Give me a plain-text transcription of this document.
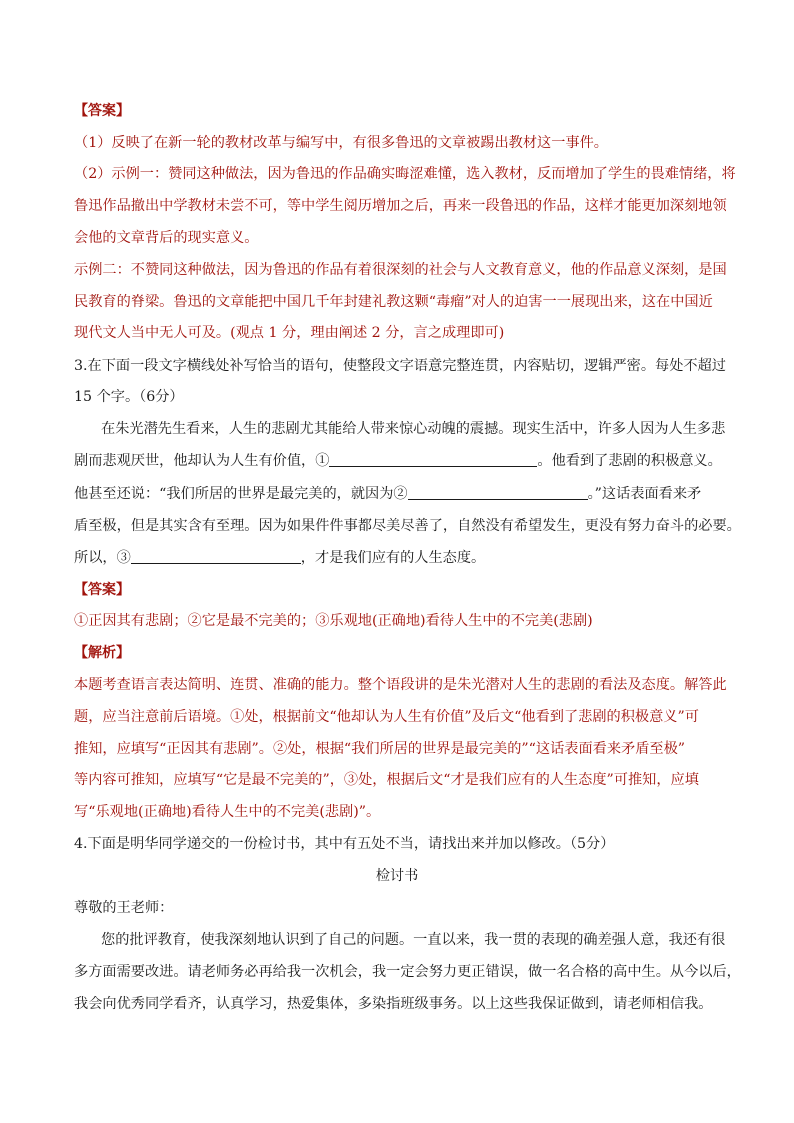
【答案】
（1）反映了在新一轮的教材改革与编写中，有很多鲁迅的文章被踢出教材这一事件。
（2）示例一：赞同这种做法，因为鲁迅的作品确实晦涩难懂，选入教材，反而增加了学生的畏难情绪，将
鲁迅作品撤出中学教材未尝不可，等中学生阅历增加之后，再来一段鲁迅的作品，这样才能更加深刻地领
会他的文章背后的现实意义。
示例二：不赞同这种做法，因为鲁迅的作品有着很深刻的社会与人文教育意义，他的作品意义深刻，是国
民教育的脊梁。鲁迅的文章能把中国几千年封建礼教这颗“毒瘤”对人的迫害一一展现出来，这在中国近
现代文人当中无人可及。(观点 1 分，理由阐述 2 分，言之成理即可)
3.在下面一段文字横线处补写恰当的语句，使整段文字语意完整连贯，内容贴切，逻辑严密。每处不超过
15 个字。（6分）
在朱光潜先生看来，人生的悲剧尤其能给人带来惊心动魄的震撼。现实生活中，许多人因为人生多悲
剧而悲观厌世，他却认为人生有价值，①	。他看到了悲剧的积极意义。
他甚至还说：“我们所居的世界是最完美的，就因为②	。”这话表面看来矛
盾至极，但是其实含有至理。因为如果件件事都尽美尽善了，自然没有希望发生，更没有努力奋斗的必要。
所以，③	，才是我们应有的人生态度。
【答案】
①正因其有悲剧；②它是最不完美的；③乐观地(正确地)看待人生中的不完美(悲剧)
【解析】
本题考查语言表达简明、连贯、准确的能力。整个语段讲的是朱光潜对人生的悲剧的看法及态度。解答此
题，应当注意前后语境。①处，根据前文“他却认为人生有价值”及后文“他看到了悲剧的积极意义”可
推知，应填写“正因其有悲剧”。②处，根据“我们所居的世界是最完美的”“这话表面看来矛盾至极”
等内容可推知，应填写“它是最不完美的”，③处，根据后文“才是我们应有的人生态度”可推知，应填
写“乐观地(正确地)看待人生中的不完美(悲剧)”。
4.下面是明华同学递交的一份检讨书，其中有五处不当，请找出来并加以修改。（5分）
检讨书
尊敬的王老师：
您的批评教育，使我深刻地认识到了自己的问题。一直以来，我一贯的表现的确差强人意，我还有很
多方面需要改进。请老师务必再给我一次机会，我一定会努力更正错误，做一名合格的高中生。从今以后，
我会向优秀同学看齐，认真学习，热爱集体，多染指班级事务。以上这些我保证做到，请老师相信我。
